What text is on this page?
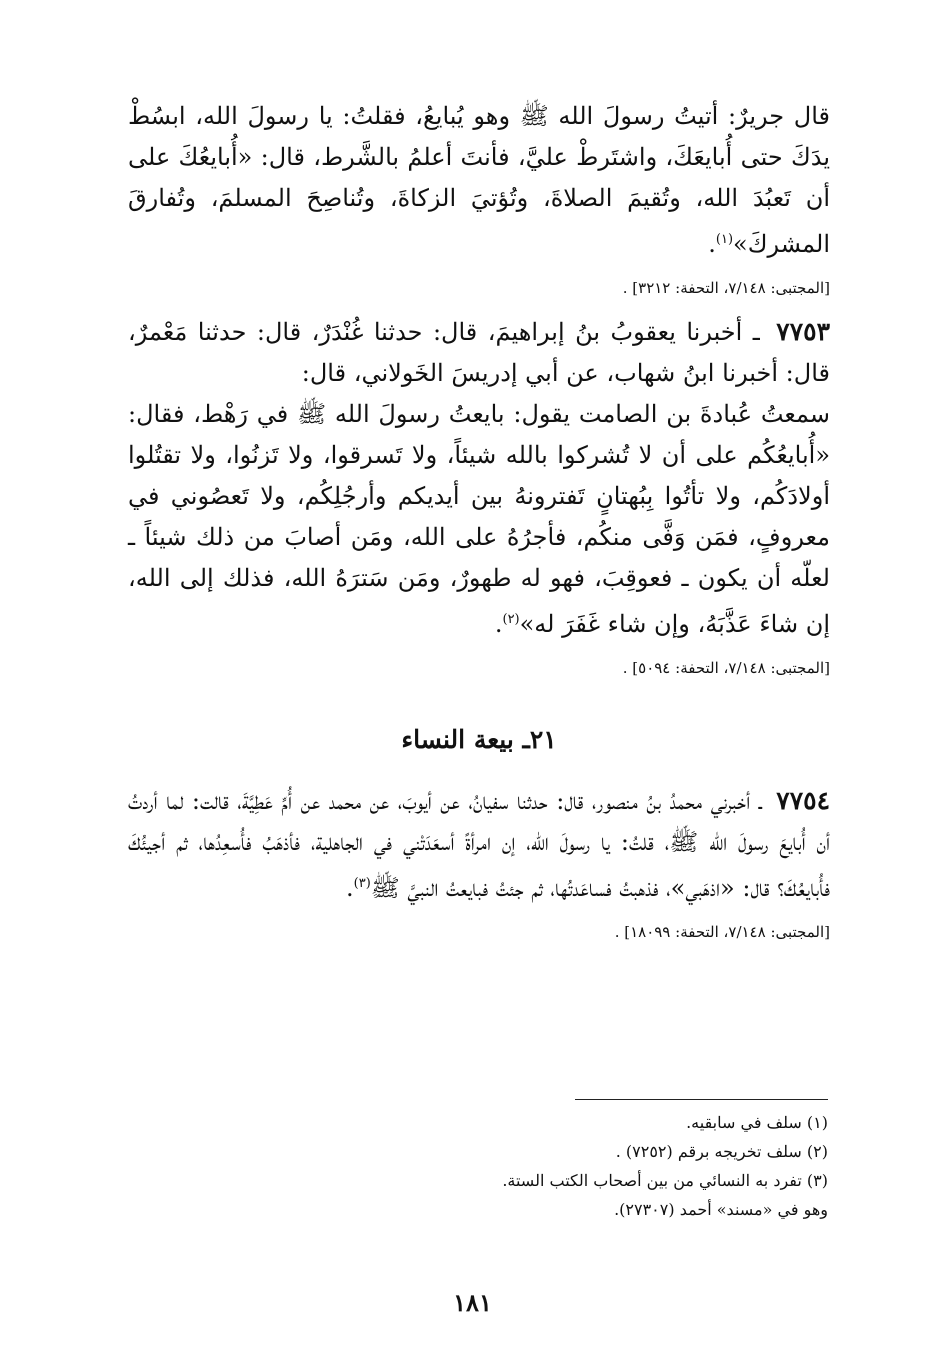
قال جريرٌ: أتيتُ رسولَ الله ﷺ وهو يُبايعُ، فقلتُ: يا رسولَ الله، ابسُطْ يدَكَ حتى أُبايعَكَ، واشتَرطْ عليَّ، فأنتَ أعلمُ بالشَّرط، قال: «أُبايعُكَ على أن تَعبُدَ الله، وتُقيمَ الصلاةَ، وتُؤتيَ الزكاةَ، وتُناصِحَ المسلمَ، وتُفارقَ المشركَ»$^{(١)}$.

[المجتبى: ٧/١٤٨، التحفة: ٣٢١٢] .

٧٧٥٣ ـ أخبرنا يعقوبُ بنُ إبراهيمَ، قال: حدثنا غُنْدَرٌ، قال: حدثنا مَعْمرٌ، قال: أخبرنا ابنُ شهاب، عن أبي إدريسَ الخَولاني، قال:

سمعتُ عُبادةَ بن الصامت يقول: بايعتُ رسولَ الله ﷺ في رَهْط، فقال: «أُبايعُكُم على أن لا تُشركوا بالله شيئاً، ولا تَسرقوا، ولا تَزنُوا، ولا تقتُلوا أولادَكُم، ولا تأتُوا بِبُهتانٍ تَفترونهُ بين أيديكم وأرجُلِكُم، ولا تَعصُوني في معروفٍ، فمَن وَفَّى منكُم، فأجرُهُ على الله، ومَن أصابَ من ذلك شيئاً ـ لعلّه أن يكون ـ فعوقِبَ، فهو له طهورٌ، ومَن سَترَهُ الله، فذلك إلى الله، إن شاءَ عَذَّبَهُ، وإن شاء غَفَرَ له»$^{(٢)}$.

[المجتبى: ٧/١٤٨، التحفة: ٥٠٩٤] .
٢١ـ بيعة النساء

٧٧٥٤ ـ أخبرني محمدُ بنُ منصور، قال: حدثنا سفيانُ، عن أيوبَ، عن محمد عن أُمِّ عَطِيَّةَ، قالت: لما أردتُ أن أُبايعَ رسولَ الله ﷺ، قلتُ: يا رسولَ الله، إن امرأةً أسعَدَتْني في الجاهلية، فأذهَبُ فأُسعِدُها، ثم أجيئُكَ فأُبايعُكَ؟ قال: «اذهَبي»، فذهبتُ فساعَدتُها، ثم جئتُ فبايعتُ النبيَّ ﷺ$^{(٣)}$.

[المجتبى: ٧/١٤٨، التحفة: ١٨٠٩٩] .
(١) سلف في سابقيه.
(٢) سلف تخريجه برقم (٧٢٥٢) .
(٣) تفرد به النسائي من بين أصحاب الكتب الستة.
وهو في «مسند» أحمد (٢٧٣٠٧).
١٨١
